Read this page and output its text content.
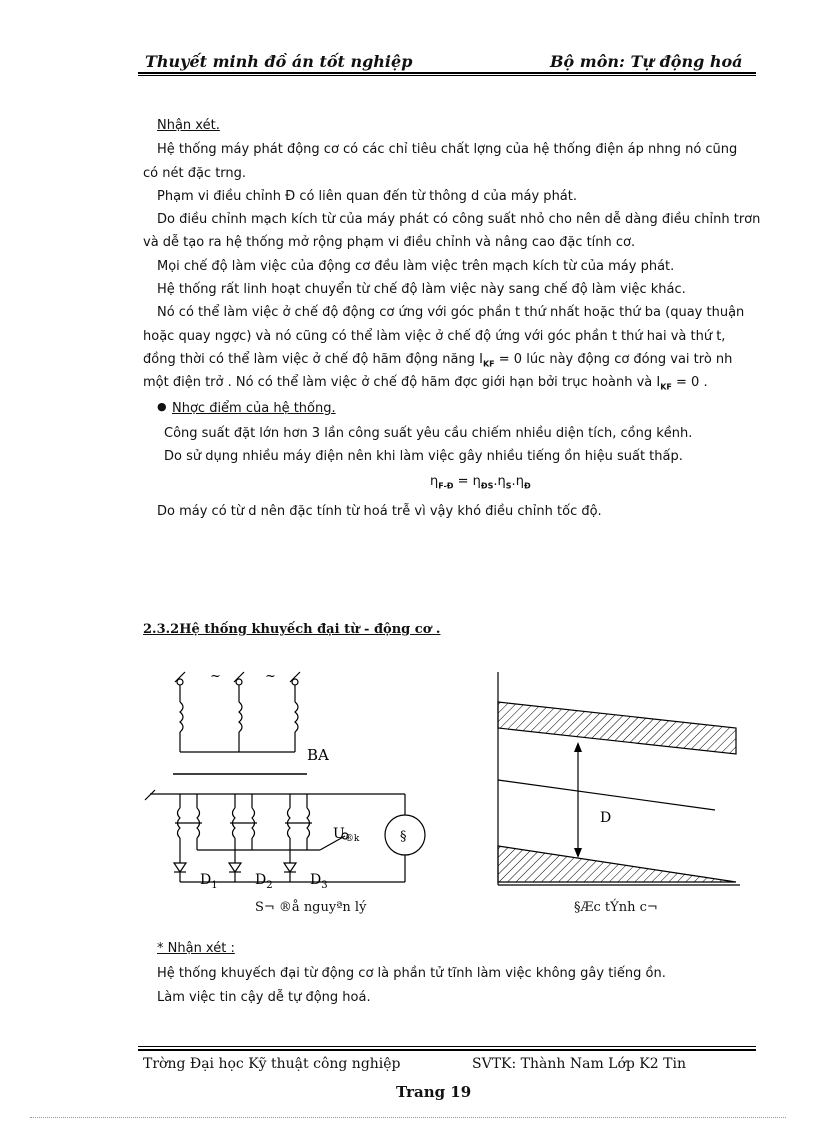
Thuyết minh đồ án tốt nghiệp	Bộ môn: Tự động hoá
Nhận xét.
Hệ thống máy phát động cơ có các chỉ tiêu chất lợng của hệ thống điện áp nhng nó cũng
có nét đặc trng.
Phạm vi điều chỉnh Đ có liên quan đến từ thông d của máy phát.
Do điều chỉnh mạch kích từ của máy phát có công suất nhỏ cho nên dễ dàng điều chỉnh trơn
và dễ tạo ra hệ thống mở rộng phạm vi điều chỉnh và nâng cao đặc tính cơ.
Mọi chế độ làm việc của động cơ đều làm việc trên mạch kích từ của máy phát.
Hệ thống rất linh hoạt chuyển từ chế độ làm việc này sang chế độ làm việc khác.
Nó có thể làm việc ở chế độ động cơ ứng với góc phần t thứ nhất hoặc thứ ba (quay thuận
hoặc quay ngợc) và nó cũng có thể làm việc ở chế độ ứng với góc phần t thứ hai và thứ t,
đồng thời có thể làm việc ở chế độ hãm động năng $I_{KF} = 0$ lúc này động cơ đóng vai trò nh
một điện trở . Nó có thể làm việc ở chế độ hãm đợc giới hạn bởi trục hoành và $I_{KF} = 0$ .
● Nhợc điểm của hệ thống.
Công suất đặt lớn hơn 3 lần công suất yêu cầu chiếm nhiều diện tích, cồng kềnh.
Do sử dụng nhiều máy điện nên khi làm việc gây nhiều tiếng ồn hiệu suất thấp.
$\eta_{F-Đ} = \eta_{ĐS}.\eta_S.\eta_Đ$
Do máy có từ d nên đặc tính từ hoá trễ vì vậy khó điều chỉnh tốc độ.
2.3.2Hệ thống khuyếch đại từ - động cơ .
~	~
BA
$U_{®k}$	§
$D_1$	$D_2$	$D_3$
D
S¬ ®å nguyªn lý	§Æc tÝnh c¬
* Nhận xét :
Hệ thống khuyếch đại từ động cơ là phần tử tĩnh làm việc không gây tiếng ồn.
Làm việc tin cậy dễ tự động hoá.
Trờng Đại học Kỹ thuật công nghiệp	SVTK: Thành Nam Lớp K2 Tin
Trang 19
